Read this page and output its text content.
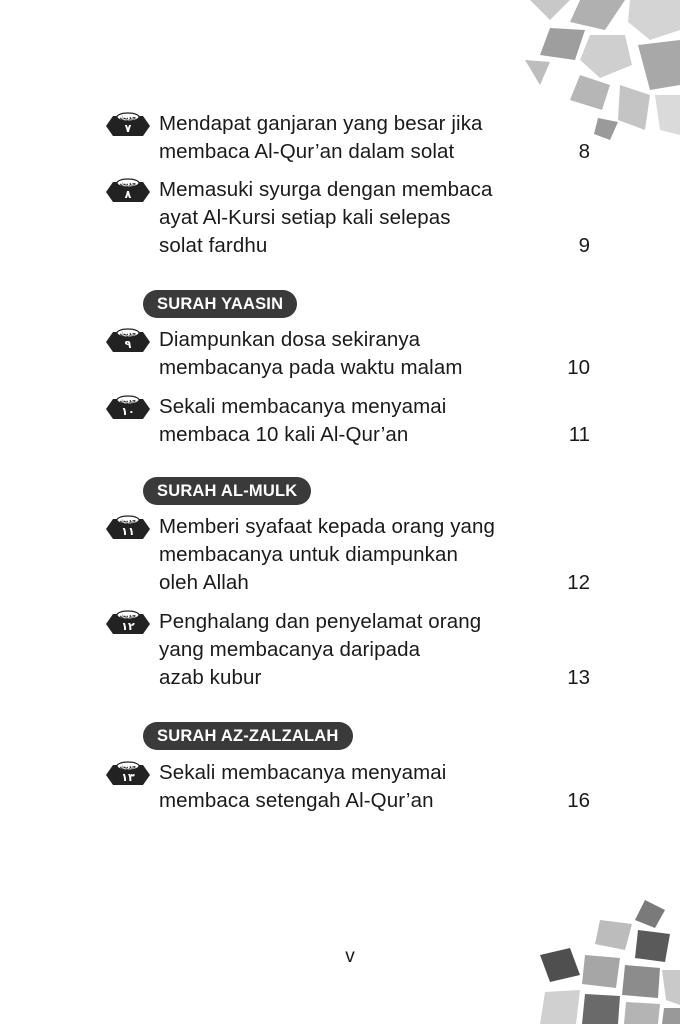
حديث
٧ Mendapat ganjaran yang besar jika
membaca Al-Qur’an dalam solat	8
حديث
٨ Memasuki syurga dengan membaca
ayat Al-Kursi setiap kali selepas
solat fardhu	9
SURAH YAASIN
حديث
٩ Diampunkan dosa sekiranya
membacanya pada waktu malam	10
حديث
١٠ Sekali membacanya menyamai
membaca 10 kali Al-Qur’an	11
SURAH AL-MULK
حديث
١١ Memberi syafaat kepada orang yang
membacanya untuk diampunkan
oleh Allah	12
حديث
١٢ Penghalang dan penyelamat orang
yang membacanya daripada
azab kubur	13
SURAH AZ-ZALZALAH
حديث
١٣ Sekali membacanya menyamai
membaca setengah Al-Qur’an	16
v
